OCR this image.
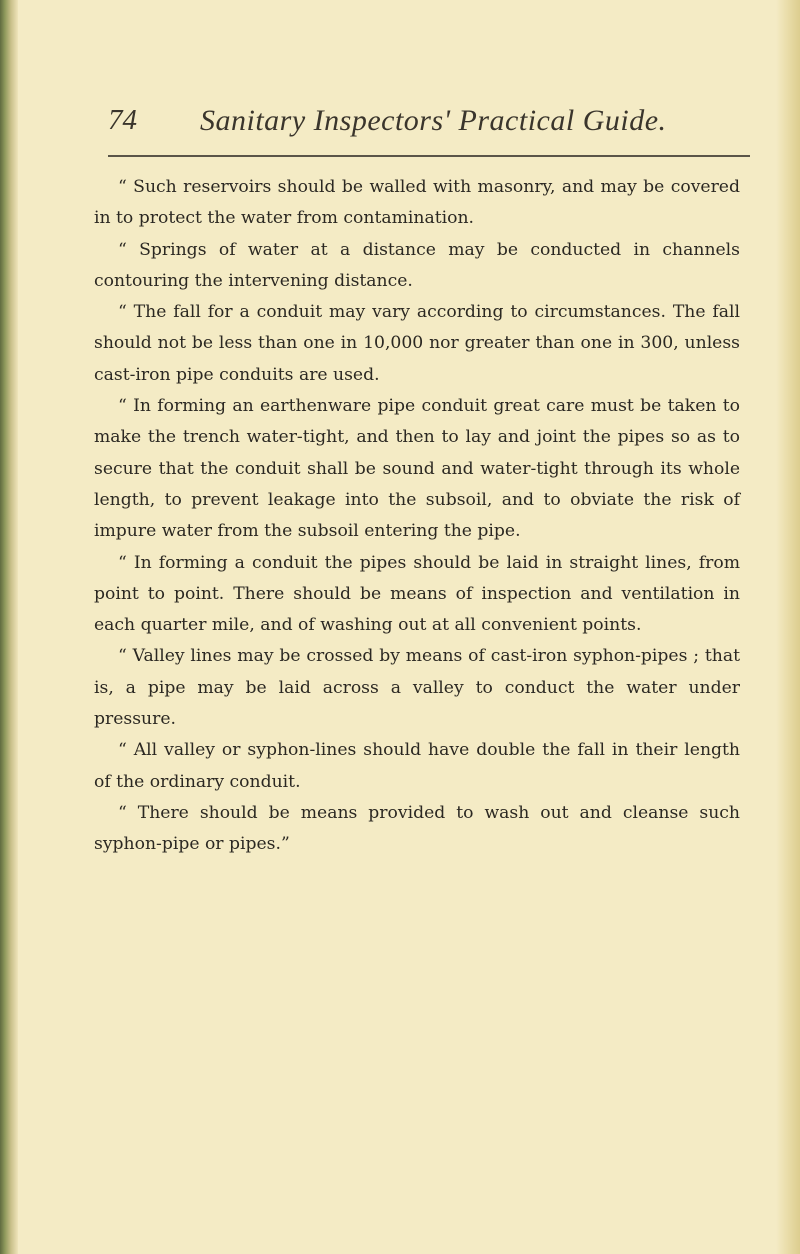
74 Sanitary Inspectors' Practical Guide.

“ Such reservoirs should be walled with masonry, and may be covered in to protect the water from contamination.

“ Springs of water at a distance may be conducted in channels contouring the intervening distance.

“ The fall for a conduit may vary according to circumstances. The fall should not be less than one in 10,000 nor greater than one in 300, unless cast-iron pipe conduits are used.

“ In forming an earthenware pipe conduit great care must be taken to make the trench water-tight, and then to lay and joint the pipes so as to secure that the conduit shall be sound and water-tight through its whole length, to prevent leakage into the subsoil, and to obviate the risk of impure water from the subsoil entering the pipe.

“ In forming a conduit the pipes should be laid in straight lines, from point to point. There should be means of inspection and ventilation in each quarter mile, and of washing out at all convenient points.

“ Valley lines may be crossed by means of cast-iron syphon-pipes ; that is, a pipe may be laid across a valley to conduct the water under pressure.

“ All valley or syphon-lines should have double the fall in their length of the ordinary conduit.

“ There should be means provided to wash out and cleanse such syphon-pipe or pipes.”
